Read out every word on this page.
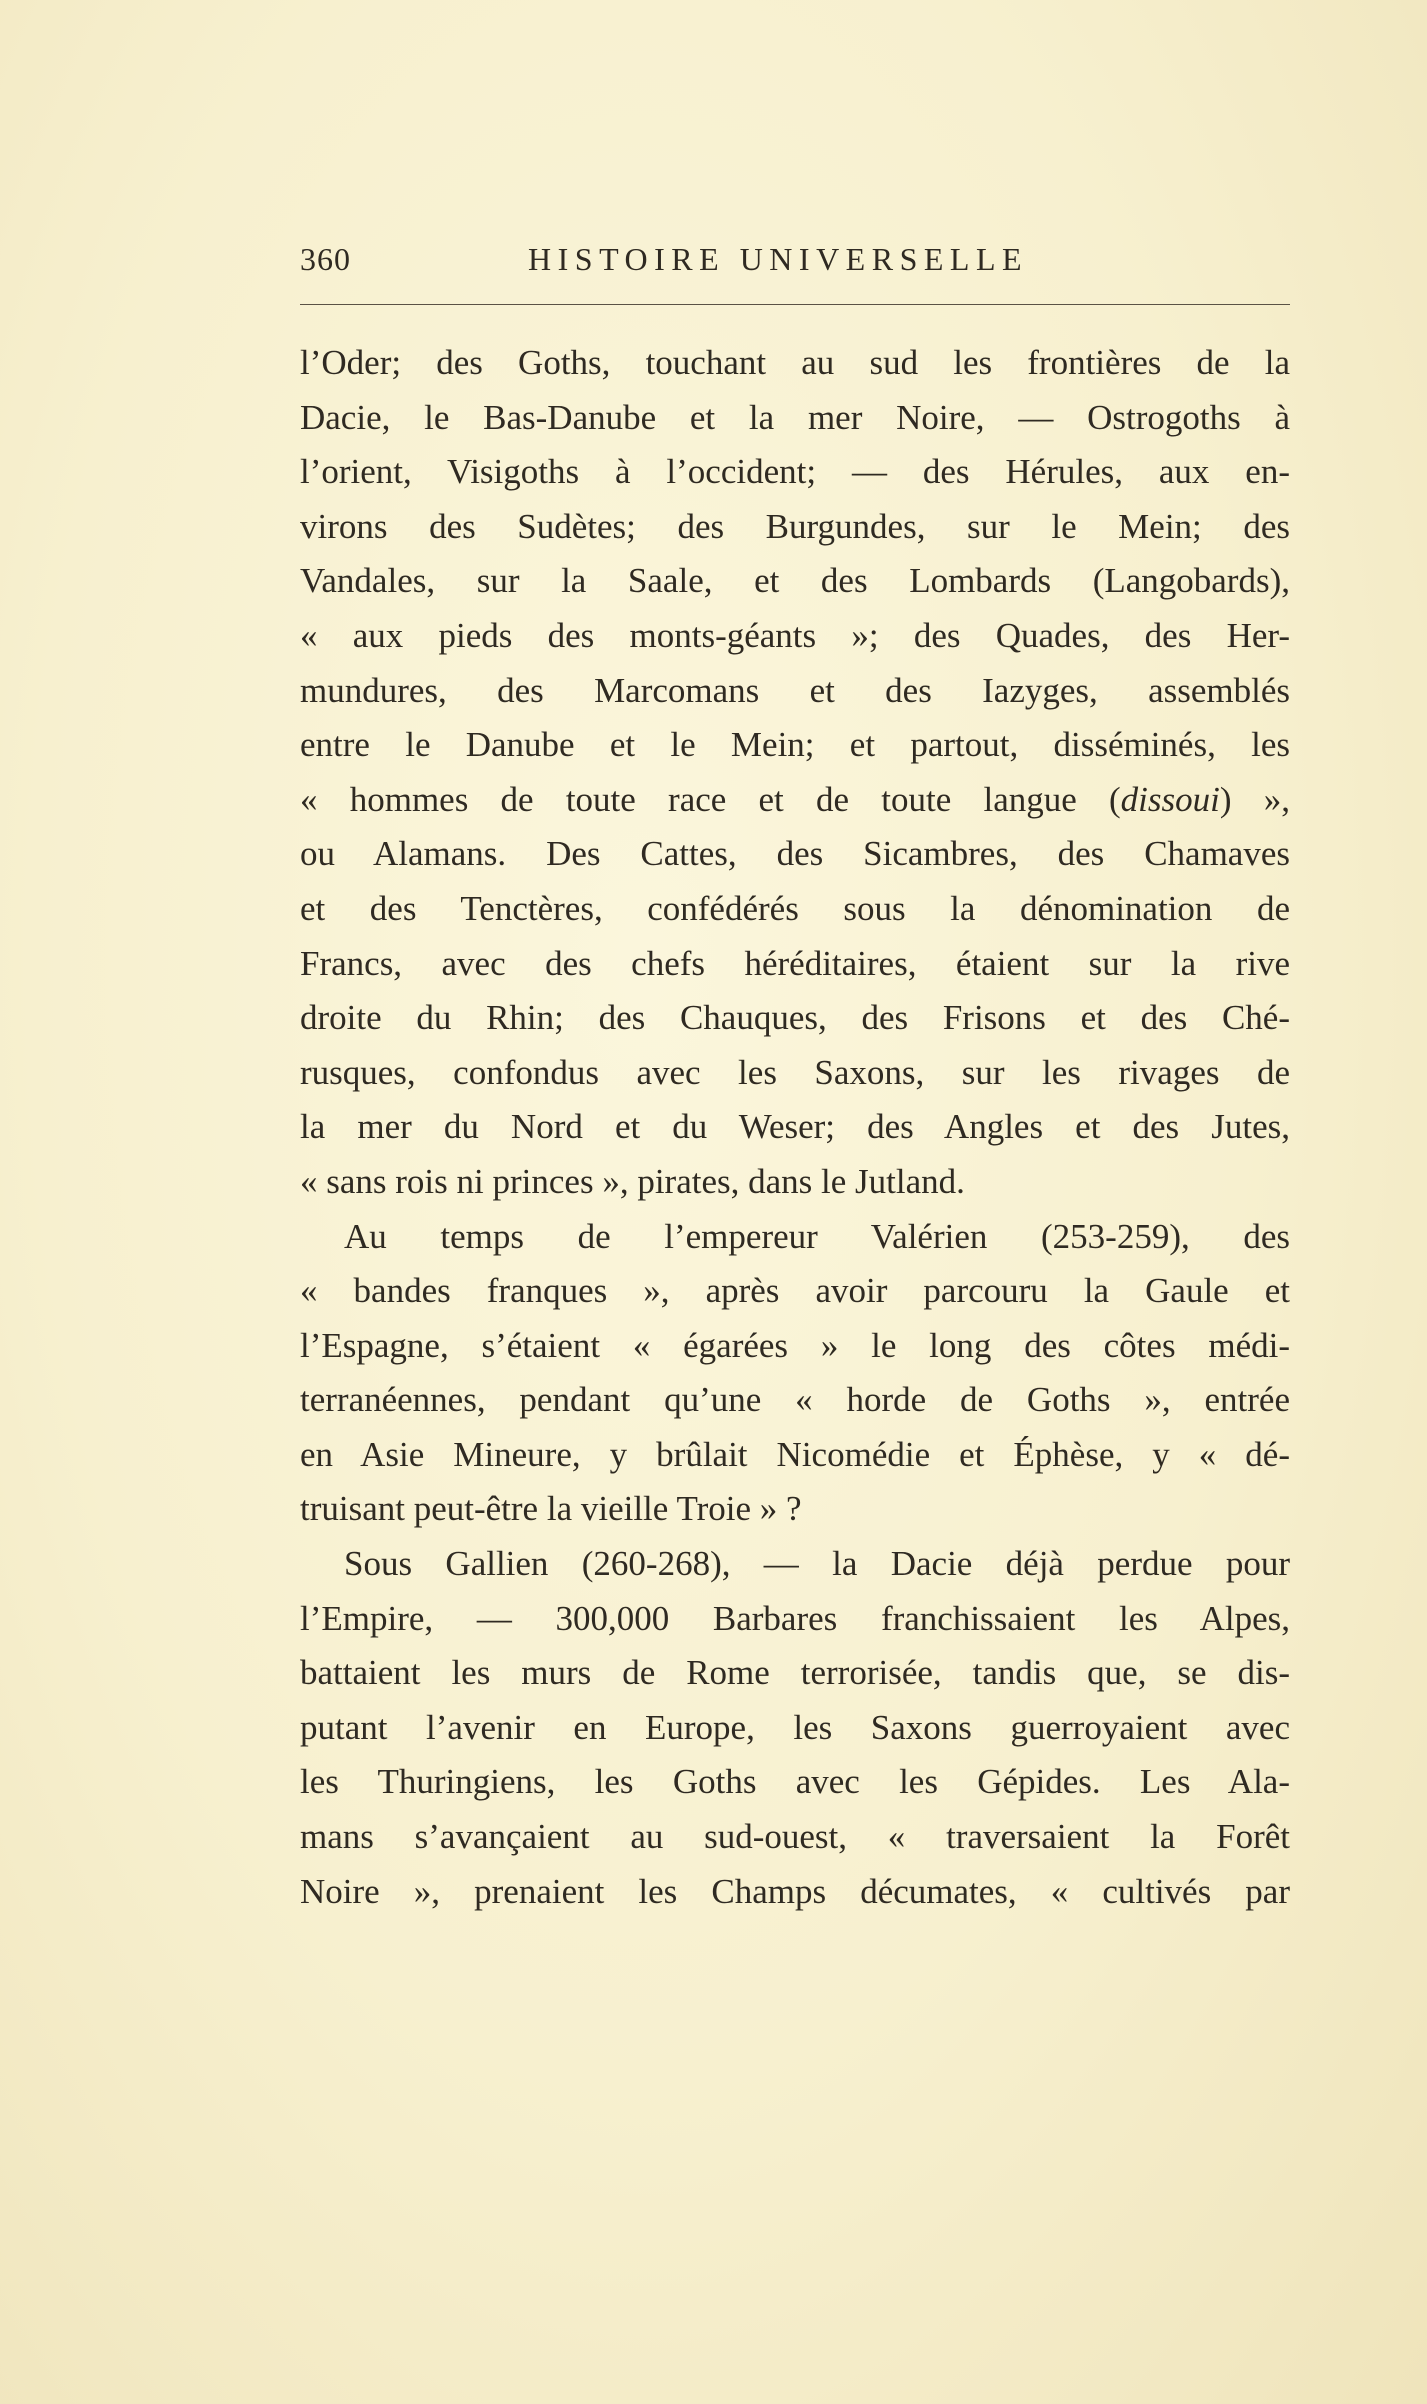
360	HISTOIRE UNIVERSELLE
l’Oder; des Goths, touchant au sud les frontières de la
Dacie, le Bas-Danube et la mer Noire, — Ostrogoths à
l’orient, Visigoths à l’occident; — des Hérules, aux en-
virons des Sudètes; des Burgundes, sur le Mein; des
Vandales, sur la Saale, et des Lombards (Langobards),
« aux pieds des monts-géants »; des Quades, des Her-
mundures, des Marcomans et des Iazyges, assemblés
entre le Danube et le Mein; et partout, disséminés, les
« hommes de toute race et de toute langue (dissoui) »,
ou Alamans. Des Cattes, des Sicambres, des Chamaves
et des Tenctères, confédérés sous la dénomination de
Francs, avec des chefs héréditaires, étaient sur la rive
droite du Rhin; des Chauques, des Frisons et des Ché-
rusques, confondus avec les Saxons, sur les rivages de
la mer du Nord et du Weser; des Angles et des Jutes,
« sans rois ni princes », pirates, dans le Jutland.
Au temps de l’empereur Valérien (253-259), des
« bandes franques », après avoir parcouru la Gaule et
l’Espagne, s’étaient « égarées » le long des côtes médi-
terranéennes, pendant qu’une « horde de Goths », entrée
en Asie Mineure, y brûlait Nicomédie et Éphèse, y « dé-
truisant peut-être la vieille Troie » ?
Sous Gallien (260-268), — la Dacie déjà perdue pour
l’Empire, — 300,000 Barbares franchissaient les Alpes,
battaient les murs de Rome terrorisée, tandis que, se dis-
putant l’avenir en Europe, les Saxons guerroyaient avec
les Thuringiens, les Goths avec les Gépides. Les Ala-
mans s’avançaient au sud-ouest, « traversaient la Forêt
Noire », prenaient les Champs décumates, « cultivés par
